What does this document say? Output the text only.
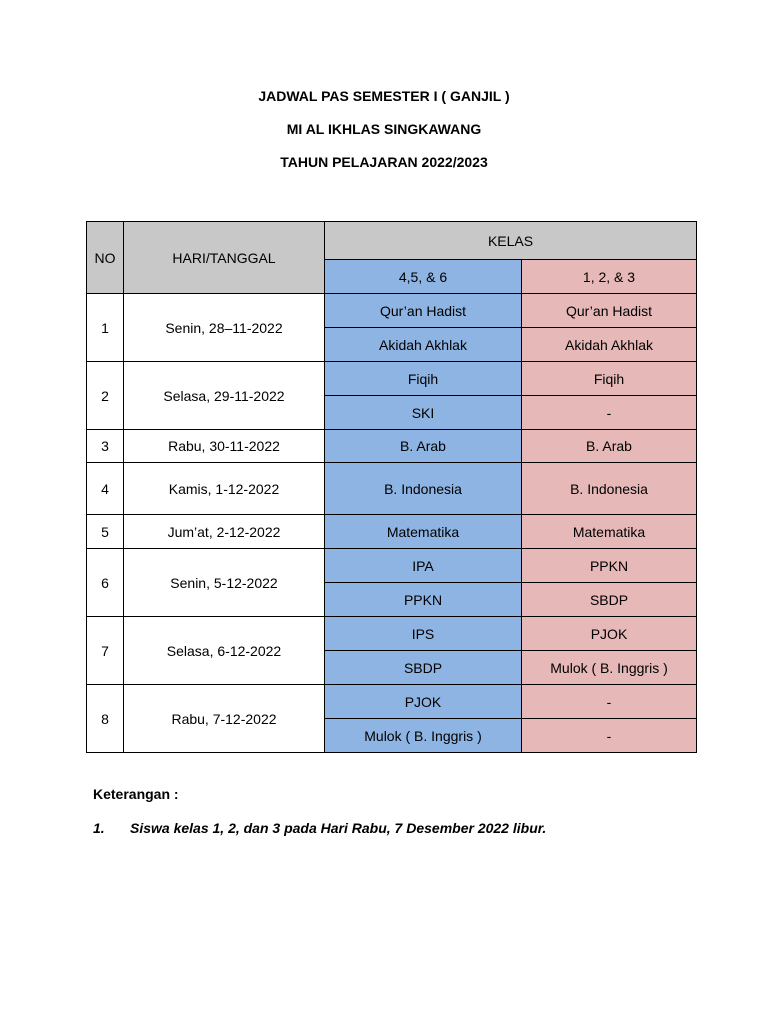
JADWAL PAS SEMESTER I ( GANJIL )
MI AL IKHLAS SINGKAWANG
TAHUN PELAJARAN 2022/2023
NO	HARI/TANGGAL	KELAS	
		4,5, & 6	1, 2, & 3
1	Senin, 28–11-2022	Qur’an Hadist	Qur’an Hadist
		Akidah Akhlak	Akidah Akhlak
2	Selasa, 29-11-2022	Fiqih	Fiqih
		SKI	-
3	Rabu, 30-11-2022	B. Arab	B. Arab
4	Kamis, 1-12-2022	B. Indonesia	B. Indonesia
5	Jum’at, 2-12-2022	Matematika	Matematika
6	Senin, 5-12-2022	IPA	PPKN
		PPKN	SBDP
7	Selasa, 6-12-2022	IPS	PJOK
		SBDP	Mulok ( B. Inggris )
8	Rabu, 7-12-2022	PJOK	-
		Mulok ( B. Inggris )	-
Keterangan :
1. Siswa kelas 1, 2, dan 3 pada Hari Rabu, 7 Desember 2022 libur.
